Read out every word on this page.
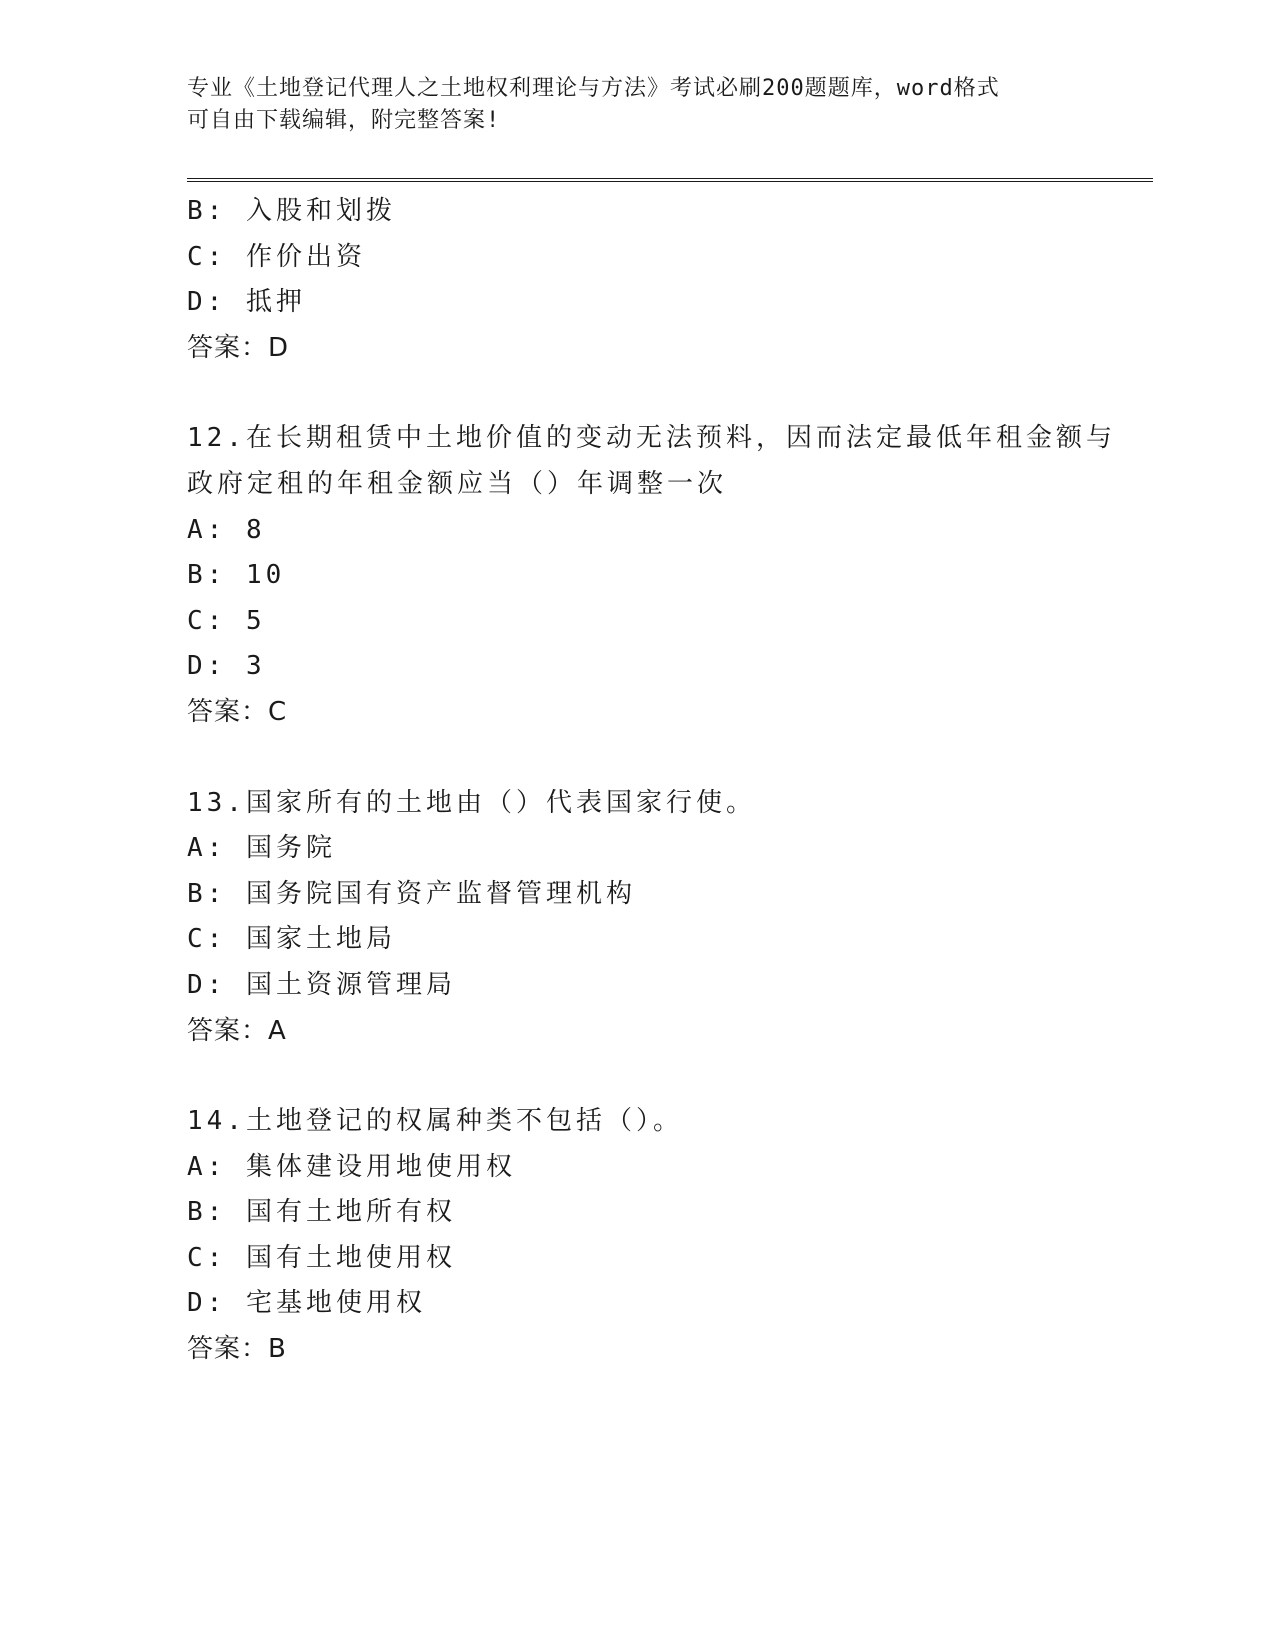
专业《土地登记代理人之土地权利理论与方法》考试必刷200题题库，word格式
可自由下载编辑，附完整答案!
B: 入股和划拨
C: 作价出资
D: 抵押
答案：D
12.在长期租赁中土地价值的变动无法预料，因而法定最低年租金额与
政府定租的年租金额应当（）年调整一次
A: 8
B: 10
C: 5
D: 3
答案：C
13.国家所有的土地由（）代表国家行使。
A: 国务院
B: 国务院国有资产监督管理机构
C: 国家土地局
D: 国土资源管理局
答案：A
14.土地登记的权属种类不包括（）。
A: 集体建设用地使用权
B: 国有土地所有权
C: 国有土地使用权
D: 宅基地使用权
答案：B
